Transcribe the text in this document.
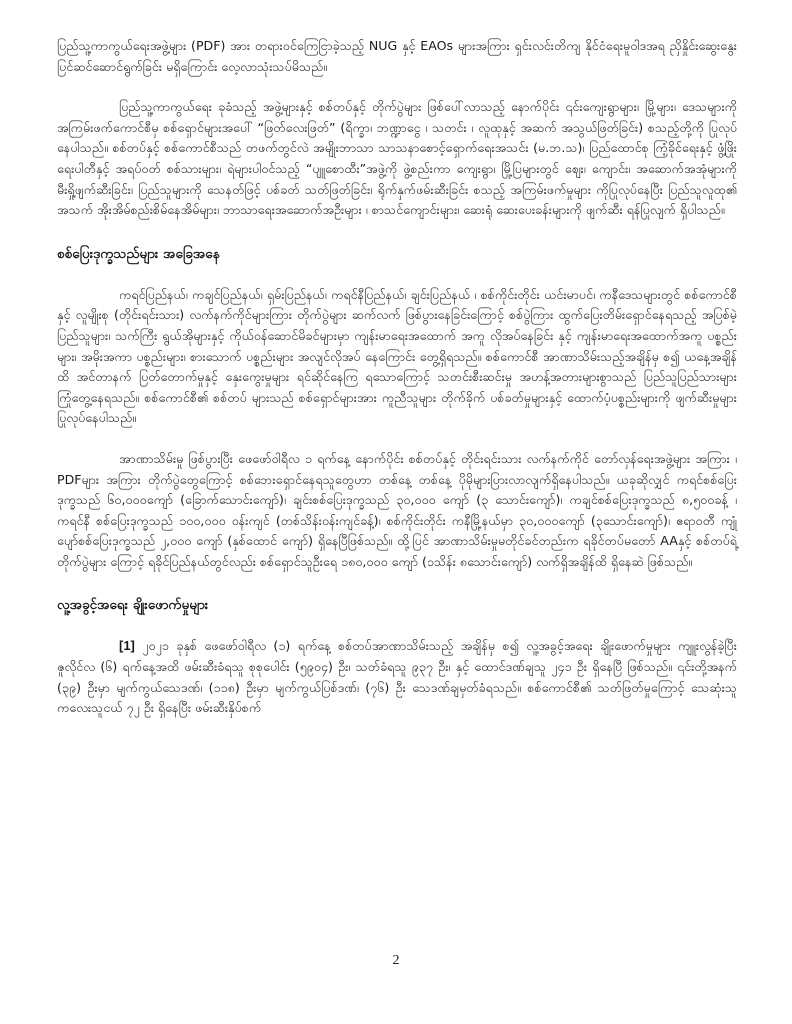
ပြည်သူ့ကာကွယ်ရေးအဖွဲ့များ (PDF) အား တရားဝင်ကြေငြာခဲ့သည့် NUG နှင့် EAOs များအကြား ရှင်းလင်းတိကျ နိုင်ငံရေးမူဝါဒအရ ညှိနှိုင်းဆွေးနွေး ပြင်ဆင်ဆောင်ရွက်ခြင်း မရှိကြောင်း လေ့လာသုံးသပ်မိသည်။

ပြည်သူ့ကာကွယ်ရေး ခုခံသည့် အဖွဲ့များနှင့် စစ်တပ်နှင့် တိုက်ပွဲများ ဖြစ်ပေါ်လာသည့် နောက်ပိုင်း ၎င်းကျေးရွာများ၊ မြို့များ၊ ဒေသများကို အကြမ်းဖက်ကောင်စီမှ စစ်ရှောင်များအပေါ် “ဖြတ်လေးဖြတ်” (ရိက္ခာ၊ ဘဏ္ဍာငွေ ၊ သတင်း ၊ လူထုနှင့် အဆက် အသွယ်ဖြတ်ခြင်း) စသည့်တို့ကို ပြုလုပ်နေပါသည်။ စစ်တပ်နှင့် စစ်ကောင်စီသည် တဖက်တွင်လဲ အမျိုးဘာသာ သာသနာစောင့်ရှောက်ရေးအသင်း (မ.ဘ.သ)၊ ပြည်ထောင်စု ကြံ့ခိုင်ရေးနှင့် ဖွံ့ဖြိုးရေးပါတီနှင့် အရပ်ဝတ် စစ်သားများ၊ ရဲများပါဝင်သည့် “ပျူစောထီး”အဖွဲ့ကို ဖွဲ့စည်းကာ ကျေးရွာ၊ မြို့ပြများတွင် ဈေး၊ ကျောင်း၊ အဆောက်အအုံများကို မီးရှို့ဖျက်ဆီးခြင်း၊ ပြည်သူများကို သေနတ်ဖြင့် ပစ်ခတ် သတ်ဖြတ်ခြင်း၊ ရိုက်နှက်ဖမ်းဆီးခြင်း စသည့် အကြမ်းဖက်မှုများ ကိုပြုလုပ်နေပြီး ပြည်သူလူထု၏ အသက် အိုးအိမ်စည်းစိမ်နေအိမ်များ၊ ဘာသာရေးအဆောက်အဦးများ ၊ စာသင်ကျောင်းများ၊ ဆေးရုံ ဆေးပေးခန်းများကို ဖျက်ဆီး ရန်ပြုလျက် ရှိပါသည်။

စစ်ပြေးဒုက္ခသည်များ အခြေအနေ

ကရင်ပြည်နယ်၊ ကချင်ပြည်နယ်၊ ရှမ်းပြည်နယ်၊ ကရင်နီပြည်နယ်၊ ချင်းပြည်နယ် ၊ စစ်ကိုင်းတိုင်း ယင်းမာပင်၊ ကနီဒေသများတွင် စစ်ကောင်စီ နှင့် လူမျိုးစု (တိုင်းရင်းသား) လက်နက်ကိုင်များကြား တိုက်ပွဲများ ဆက်လက် ဖြစ်ပွားနေခြင်းကြောင့် စစ်ပွဲကြား ထွက်ပြေးတိမ်းရှောင်နေရသည့် အပြစ်မဲ့ပြည်သူများ၊ သက်ကြီး ရွယ်အိုများနှင့် ကိုယ်ဝန်ဆောင်မိခင်များမှာ ကျန်းမာရေးအထောက် အကူ လိုအပ်နေခြင်း နှင့် ကျန်းမာရေးအထောက်အကူ ပစ္စည်းများ၊ အမိုးအကာ ပစ္စည်းများ၊ စားသောက် ပစ္စည်းများ အလျင်လိုအပ် နေကြောင်း တွေ့ရှိရသည်။ စစ်ကောင်စီ အာဏာသိမ်းသည့်အချိန်မှ စ၍ ယနေ့အချိန်ထိ အင်တာနက် ပြတ်တောက်မှုနှင့် နှေးကွေးမှုများ ရင်ဆိုင်နေကြ ရသောကြောင့် သတင်းစီးဆင်းမှု အဟန့်အတားများစွာသည် ပြည်သူပြည်သားများ ကြုံတွေ့နေရသည်။ စစ်ကောင်စီ၏ စစ်တပ် များသည် စစ်ရှောင်များအား ကူညီသူများ တိုက်ခိုက် ပစ်ခတ်မှုများနှင့် ထောက်ပံ့ပစ္စည်းများကို ဖျက်ဆီးမှုများ ပြုလုပ်နေပါသည်။

အာဏာသိမ်းမှု ဖြစ်ပွားပြီး ဖေဖော်ဝါရီလ ၁ ရက်နေ့ နောက်ပိုင်း စစ်တပ်နှင့် တိုင်းရင်းသား လက်နက်ကိုင် တော်လှန်ရေးအဖွဲ့များ အကြား ၊ PDFများ အကြား တိုက်ပွဲတွေကြောင့် စစ်ဘေးရှောင်နေရသူတွေဟာ တစ်နေ့ တစ်နေ့ ပိုမိုများပြားလာလျက်ရှိနေပါသည်။ ယခုဆိုလျှင် ကရင်စစ်ပြေးဒုက္ခသည် ၆၀,၀၀၀ကျော် (ခြောက်သောင်းကျော်)၊ ချင်းစစ်ပြေးဒုက္ခသည် ၃၀,၀၀၀ ကျော် (၃ သောင်းကျော်)၊ ကချင်စစ်ပြေးဒုက္ခသည် ၈,၅၀၀ခန့် ၊ ကရင်နီ စစ်ပြေးဒုက္ခသည် ၁၀၀,၀၀၀ ဝန်းကျင် (တစ်သိန်းဝန်းကျင်ခန့်)၊ စစ်ကိုင်းတိုင်း ကနီမြို့နယ်မှာ ၃၀,၀၀၀ကျော် (၃သောင်းကျော်)၊ ဧရာဝတီ ကျုံပျော်စစ်ပြေးဒုက္ခသည် ၂,၀၀၀ ကျော် (နှစ်ထောင် ကျော်) ရှိနေပြီဖြစ်သည်။ ထို့ပြင် အာဏာသိမ်းမှုမတိုင်ခင်တည်းက ရခိုင်တပ်မတော် AAနှင့် စစ်တပ်ရဲ့ တိုက်ပွဲများ ကြောင့် ရခိုင်ပြည်နယ်တွင်လည်း စစ်ရှောင်သူဦးရေ ၁၈၀,၀၀၀ ကျော် (၁သိန်း ၈သောင်းကျော်) လက်ရှိအချိန်ထိ ရှိနေဆဲ ဖြစ်သည်။

လူ့အခွင့်အရေး ချိုးဖောက်မှုများ

[1] ၂၀၂၁ ခုနှစ် ဖေဖော်ဝါရီလ (၁) ရက်နေ့ စစ်တပ်အာဏာသိမ်းသည့် အချိန်မှ စ၍ လူ့အခွင့်အရေး ချိုးဖောက်မှုများ ကျူးလွန်ခဲ့ပြီး ဇူလိုင်လ (၆) ရက်နေ့အထိ ဖမ်းဆီးခံရသူ စုစုပေါင်း (၅၉၀၄) ဦး၊ သတ်ခံရသူ ၉၃၇ ဦး၊ နှင့် ထောင်ဒဏ်ချသူ ၂၄၁ ဦး ရှိနေပြီ ဖြစ်သည်။ ၎င်းတို့အနက် (၃၉) ဦးမှာ မျက်ကွယ်သေဒဏ်၊ (၁၁၈) ဦးမှာ မျက်ကွယ်ပြစ်ဒဏ်၊ (၇၆) ဦး သေဒဏ်ချမှတ်ခံရသည်။ စစ်ကောင်စီ၏ သတ်ဖြတ်မှုကြောင့် သေဆုံးသူ ကလေးသူငယ် ၇၂ ဦး ရှိနေပြီး ဖမ်းဆီးနှိပ်စက်

2
